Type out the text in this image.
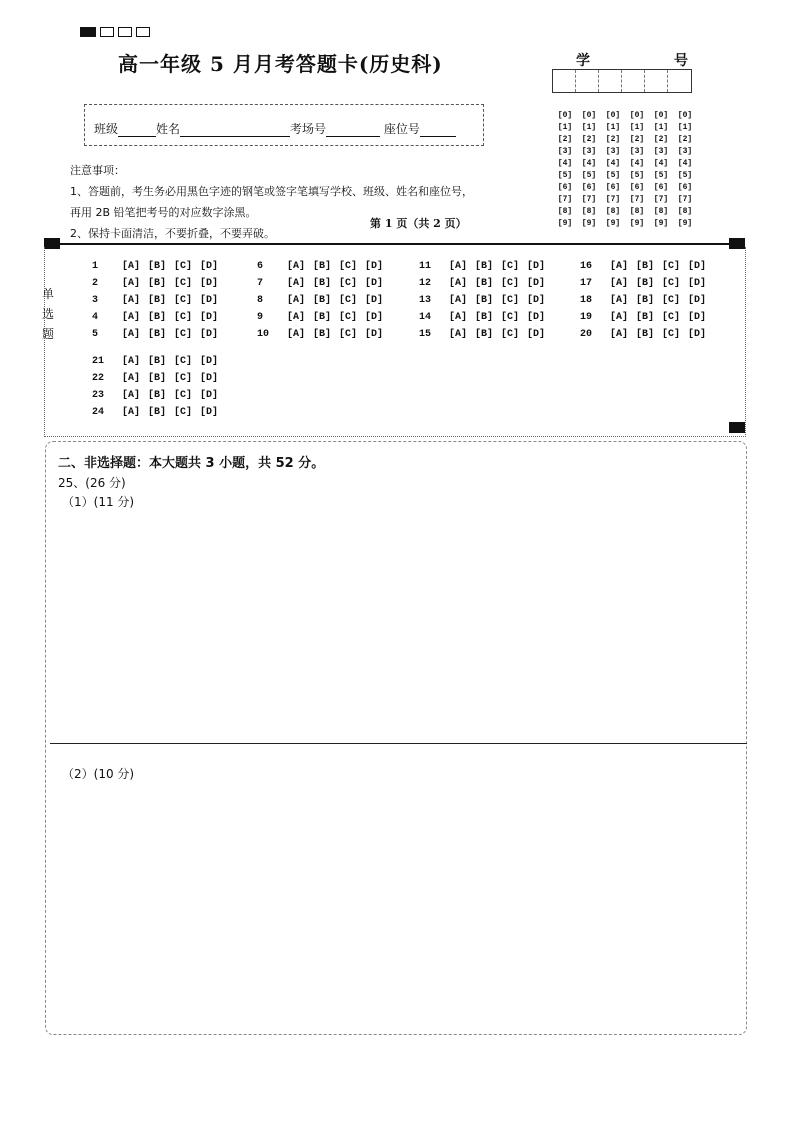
高一年级 5 月月考答题卡(历史科)	学	号
[0]	[0]	[0]	[0]	[0]	[0]
[1]	[1]	[1]	[1]	[1]	[1]
[2]	[2]	[2]	[2]	[2]	[2]
[3]	[3]	[3]	[3]	[3]	[3]
[4]	[4]	[4]	[4]	[4]	[4]
[5]	[5]	[5]	[5]	[5]	[5]
[6]	[6]	[6]	[6]	[6]	[6]
[7]	[7]	[7]	[7]	[7]	[7]
[8]	[8]	[8]	[8]	[8]	[8]
[9]	[9]	[9]	[9]	[9]	[9]
班级	姓名	考场号	座位号
注意事项：
1、答题前，考生务必用黑色字迹的钢笔或签字笔填写学校、班级、姓名和座位号，
再用 2B 铅笔把考号的对应数字涂黑。
2、保持卡面清洁，不要折叠，不要弄破。
第 1 页（共 2 页）
单
选
题
1	[A] [B] [C] [D]
2	[A] [B] [C] [D]
3	[A] [B] [C] [D]
4	[A] [B] [C] [D]
5	[A] [B] [C] [D]
6	[A] [B] [C] [D]
7	[A] [B] [C] [D]
8	[A] [B] [C] [D]
9	[A] [B] [C] [D]
10	[A] [B] [C] [D]
11	[A] [B] [C] [D]
12	[A] [B] [C] [D]
13	[A] [B] [C] [D]
14	[A] [B] [C] [D]
15	[A] [B] [C] [D]
16	[A] [B] [C] [D]
17	[A] [B] [C] [D]
18	[A] [B] [C] [D]
19	[A] [B] [C] [D]
20	[A] [B] [C] [D]
21	[A] [B] [C] [D]
22	[A] [B] [C] [D]
23	[A] [B] [C] [D]
24	[A] [B] [C] [D]
二、非选择题：本大题共 3 小题，共 52 分。
25、(26 分)
（1）(11 分)
（2）(10 分)
